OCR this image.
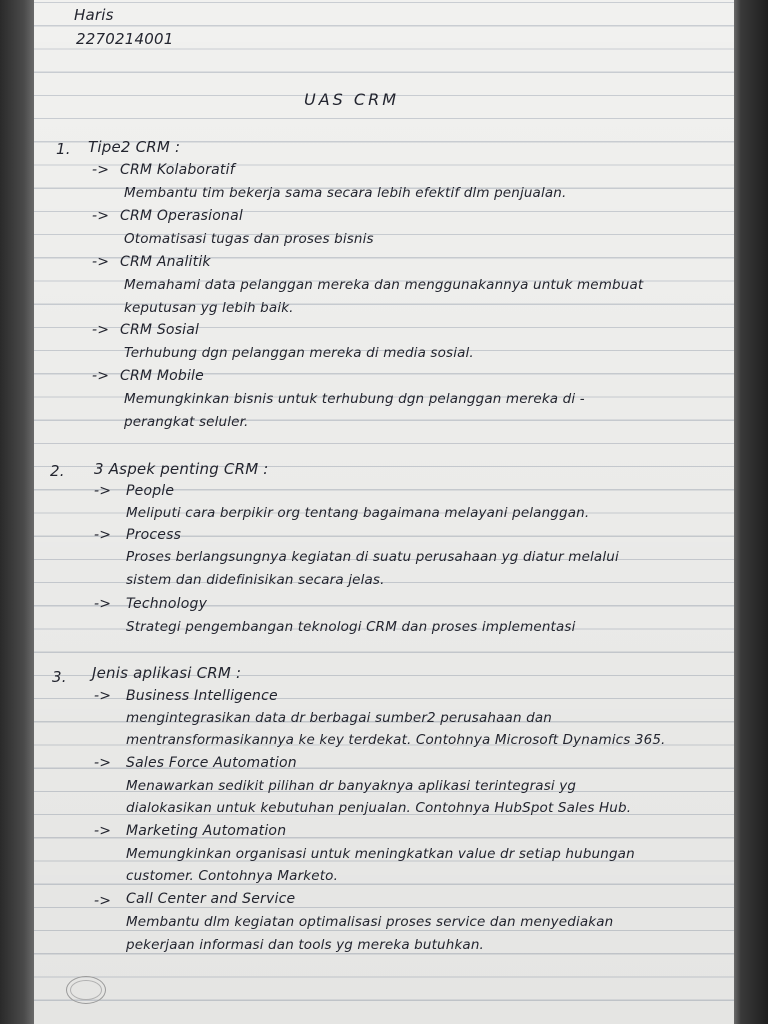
Haris
2270214001
UAS CRM
1. Tipe2 CRM :
-> CRM Kolaboratif
Membantu tim bekerja sama secara lebih efektif dlm penjualan.
-> CRM Operasional
Otomatisasi tugas dan proses bisnis
-> CRM Analitik
Memahami data pelanggan mereka dan menggunakannya untuk membuat
keputusan yg lebih baik.
-> CRM Sosial
Terhubung dgn pelanggan mereka di media sosial.
-> CRM Mobile
Memungkinkan bisnis untuk terhubung dgn pelanggan mereka di -
perangkat seluler.
2. 3 Aspek penting CRM :
-> People
Meliputi cara berpikir org tentang bagaimana melayani pelanggan.
-> Process
Proses berlangsungnya kegiatan di suatu perusahaan yg diatur melalui
sistem dan didefinisikan secara jelas.
-> Technology
Strategi pengembangan teknologi CRM dan proses implementasi
3. Jenis aplikasi CRM :
-> Business Intelligence
mengintegrasikan data dr berbagai sumber2 perusahaan dan
mentransformasikannya ke key terdekat. Contohnya Microsoft Dynamics 365.
-> Sales Force Automation
Menawarkan sedikit pilihan dr banyaknya aplikasi terintegrasi yg
dialokasikan untuk kebutuhan penjualan. Contohnya HubSpot Sales Hub.
-> Marketing Automation
Memungkinkan organisasi untuk meningkatkan value dr setiap hubungan
customer. Contohnya Marketo.
-> Call Center and Service
Membantu dlm kegiatan optimalisasi proses service dan menyediakan
pekerjaan informasi dan tools yg mereka butuhkan.
